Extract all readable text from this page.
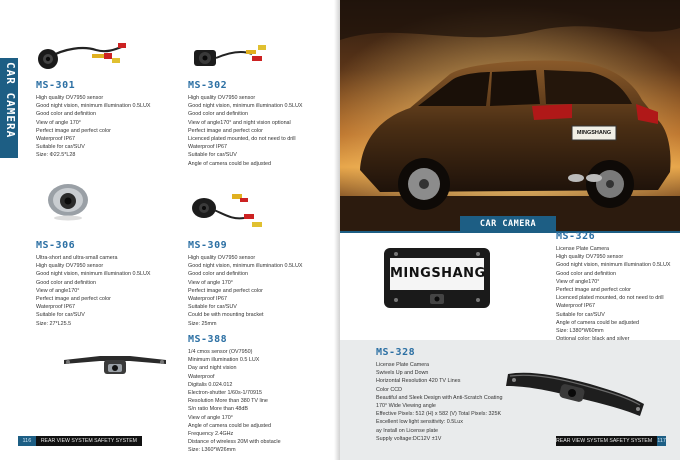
CAR CAMERA MS-301
High quality OV7950 sensor
Good night vision, minimum illumination 0.5LUX
Good color and definition
View of angle 170°
Perfect image and perfect color
Waterproof IP67
Suitable for car/SUV
Size: Φ22.5*L28
MS-302
High quality OV7950 sensor
Good night vision, minimum illumination 0.5LUX
Good color and definition
View of angle170° and night vision optional
Perfect image and perfect color
Licenced plated mounted, do not need to drill
Waterproof IP67
Suitable for car/SUV
Angle of camera could be adjusted
MS-306
Ultra-short and ultra-small camera
High quality OV7950 sensor
Good night vision, minimum illumination 0.5LUX
Good color and definition
View of angle170°
Perfect image and perfect color
Waterproof IP67
Suitable for car/SUV
Size: 27*L25.5
MS-309
High quality OV7950 sensor
Good night vision, minimum illumination 0.5LUX
Good color and definition
View of angle 170°
Perfect image and perfect color
Waterproof IP67
Suitable for car/SUV
Could be with mounting bracket
Size: 25mm
MS-388
1/4 cmos sensor (OV7950)
Minimum illumination 0.5 LUX
Day and night vision
Waterproof
Digitalis 0.024.012
Electron-shutter 1/60s-1/70915
Resolution More than 380 TV line
S/n ratio More than 48dB
View of angle 170°
Angle of camera could be adjusted
Frequency 2.4GHz
Distance of wireless 20M with obstacle
Size: L360*W26mm
116	REAR VIEW SYSTEM SAFETY SYSTEM
MINGSHANG
CAR CAMERA
MINGSHANG
MS-326
License Plate Camera
High quality OV7950 sensor
Good night vision, minimum illumination 0.5LUX
Good color and definition
View of angle170°
Perfect image and perfect color
Licenced plated mounted, do not need to drill
Waterproof IP67
Suitable for car/SUV
Angle of camera could be adjusted
Size: L380*W60mm
MS-328
License Plate Camera
Swivels Up and Down
Horizontal Resolution 420 TV Lines
Color CCD
Beautiful and Sleek Design with Anti-Scratch Coating
170° Wide Viewing angle
Effective Pixels: 512 (H) x 582 (V) Total Pixels: 325K
Excellent low light sensitivity: 0.5Lux
ay Install on License plate
Supply voltage:DC12V ±1V	117
REAR VIEW SYSTEM SAFETY SYSTEM
